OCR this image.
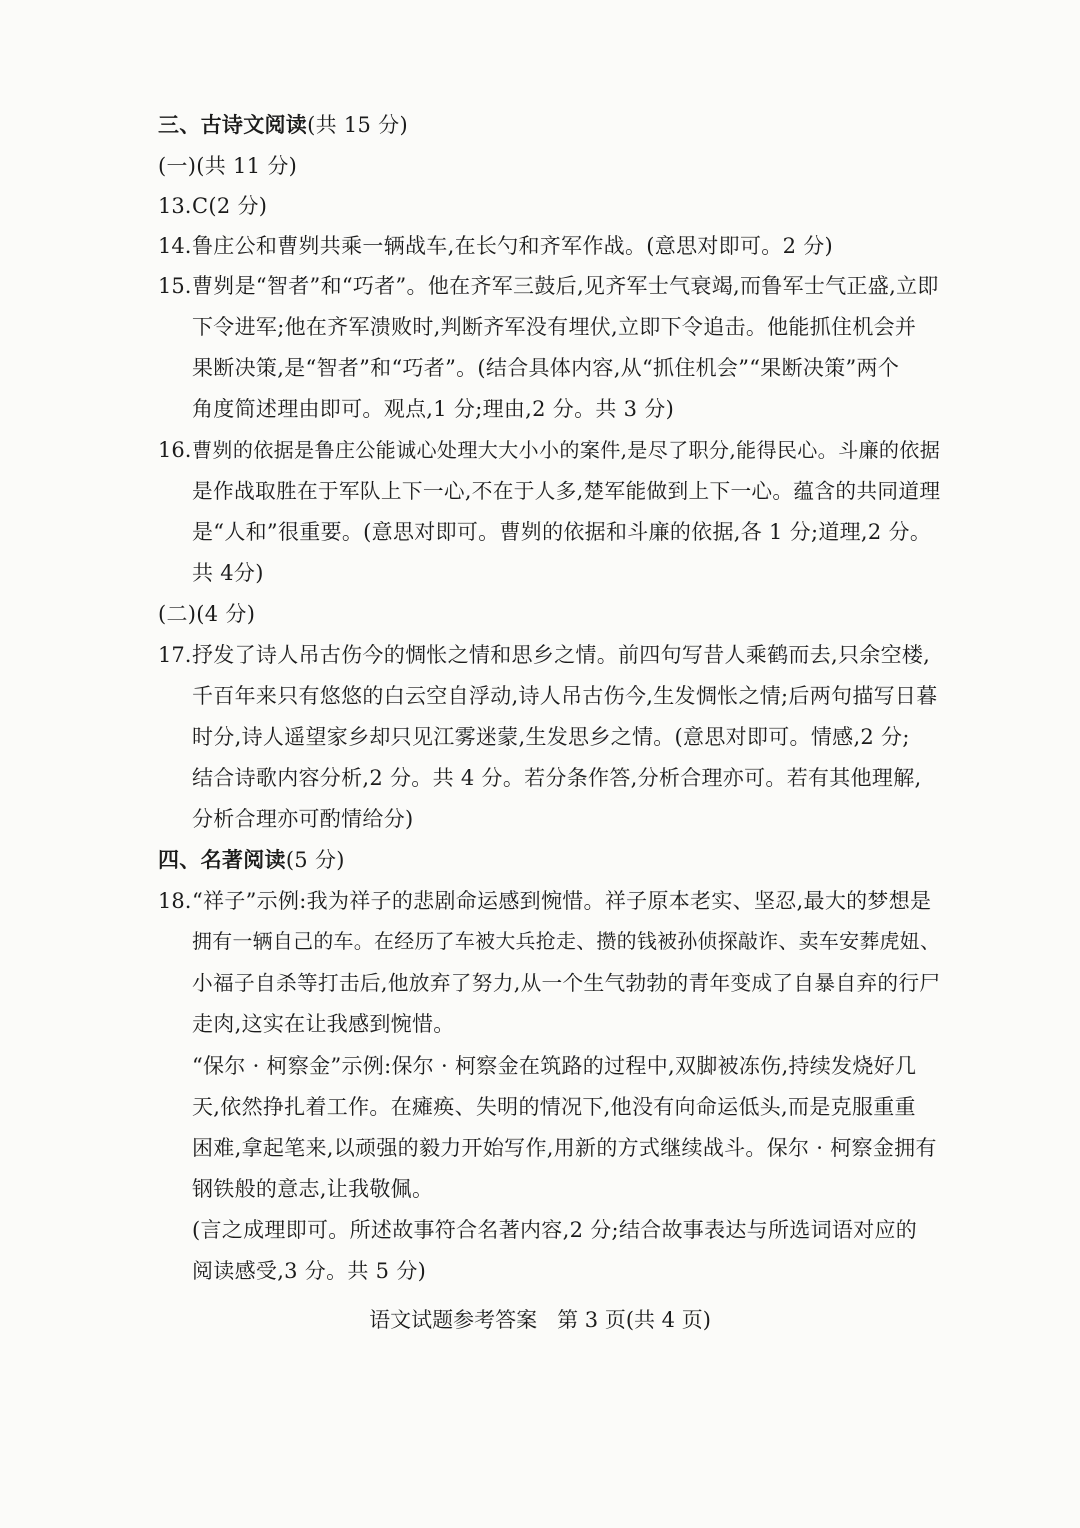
三、古诗文阅读(共 15 分)
(一)(共 11 分)
13. C(2 分)
14. 鲁庄公和曹刿共乘一辆战车,在长勺和齐军作战。(意思对即可。2 分)
15. 曹刿是“智者”和“巧者”。他在齐军三鼓后,见齐军士气衰竭,而鲁军士气正盛,立即
下令进军;他在齐军溃败时,判断齐军没有埋伏,立即下令追击。他能抓住机会并
果断决策,是“智者”和“巧者”。(结合具体内容,从“抓住机会”“果断决策”两个
角度简述理由即可。观点,1 分;理由,2 分。共 3 分)
16. 曹刿的依据是鲁庄公能诚心处理大大小小的案件,是尽了职分,能得民心。斗廉的依据
是作战取胜在于军队上下一心,不在于人多,楚军能做到上下一心。蕴含的共同道理
是“人和”很重要。(意思对即可。曹刿的依据和斗廉的依据,各 1 分;道理,2 分。
共 4分)
(二)(4 分)
17. 抒发了诗人吊古伤今的惆怅之情和思乡之情。前四句写昔人乘鹤而去,只余空楼,
千百年来只有悠悠的白云空自浮动,诗人吊古伤今,生发惆怅之情;后两句描写日暮
时分,诗人遥望家乡却只见江雾迷蒙,生发思乡之情。(意思对即可。情感,2 分;
结合诗歌内容分析,2 分。共 4 分。若分条作答,分析合理亦可。若有其他理解,
分析合理亦可酌情给分)
四、名著阅读(5 分)
18. “祥子”示例:我为祥子的悲剧命运感到惋惜。祥子原本老实、坚忍,最大的梦想是
拥有一辆自己的车。在经历了车被大兵抢走、攒的钱被孙侦探敲诈、卖车安葬虎妞、
小福子自杀等打击后,他放弃了努力,从一个生气勃勃的青年变成了自暴自弃的行尸
走肉,这实在让我感到惋惜。
“保尔 · 柯察金”示例:保尔 · 柯察金在筑路的过程中,双脚被冻伤,持续发烧好几
天,依然挣扎着工作。在瘫痪、失明的情况下,他没有向命运低头,而是克服重重
困难,拿起笔来,以顽强的毅力开始写作,用新的方式继续战斗。保尔 · 柯察金拥有
钢铁般的意志,让我敬佩。
(言之成理即可。所述故事符合名著内容,2 分;结合故事表达与所选词语对应的
阅读感受,3 分。共 5 分)
语文试题参考答案   第 3 页(共 4 页)
